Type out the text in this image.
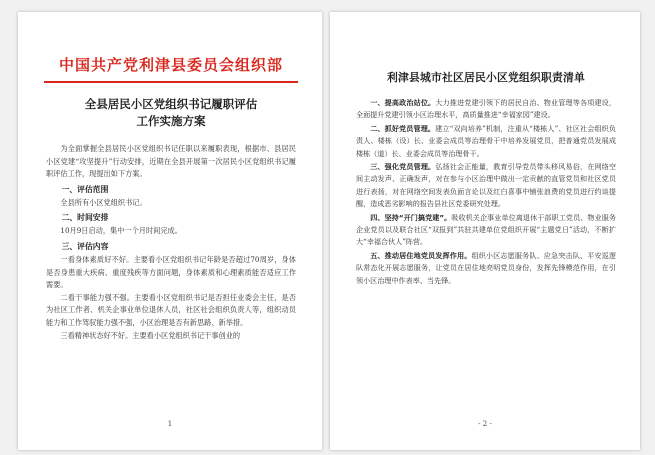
中国共产党利津县委员会组织部

全县居民小区党组织书记履职评估
工作实施方案

为全面掌握全县居民小区党组织书记任职以来履职表现，根据市、县居民小区党建“攻坚提升”行动安排，近期在全县开展第一次居民小区党组织书记履职评估工作，现提出如下方案。

一、评估范围

全县所有小区党组织书记。

二、时间安排

10月9日启动，集中一个月时间完成。

三、评估内容

一看身体素质好不好。主要看小区党组织书记年龄是否超过70周岁，身体是否身患重大疾病、重度残疾等方面问题，身体素质和心理素质能否适应工作需要。

二看干事能力强不强。主要看小区党组织书记是否担任业委会主任，是否为社区工作者、机关企事业单位退休人员，社区社会组织负责人等，组织动员能力和工作驾驭能力强不强，小区治理是否有新思路、新举措。

三看精神状态好不好。主要看小区党组织书记干事创业的

1

利津县城市社区居民小区党组织职责清单

一、提高政治站位。大力推进党建引领下的居民自治、物业管理等各项建设，全面提升党建引领小区治理水平，高质量推进“幸福家园”建设。

二、抓好党员管理。建立“双向培养”机制，注重从“楼栋人”、社区社会组织负责人、楼栋（设）长、业委会成员等治理骨干中培养发展党员，把普通党员发展成楼栋（道）长、业委会成员等治理骨干。

三、强化党员管理。弘扬社会正能量，教育引导党员带头移风易俗，在网络空间主动发声、正确发声，对在参与小区治理中做出一定贡献的直管党员和社区党员进行表扬，对在网络空间发表负面言论以及红白喜事中铺张浪费的党员进行约谈提醒，造成恶劣影响的报告县社区党委研究处理。

四、坚持“开门搞党建”。吸收机关企事业单位离退休干部职工党员、物业服务企业党员以及联合社区“双报到”共驻共建单位党组织开展“主题党日”活动，不断扩大“幸福合伙人”阵营。

五、推动居住地党员发挥作用。组织小区志愿服务队、应急突击队、平安巡逻队常态化开展志愿服务，让党员在居住地亮明党员身份，发挥先锋模范作用，在引领小区治理中作表率、当先锋。

- 2 -
